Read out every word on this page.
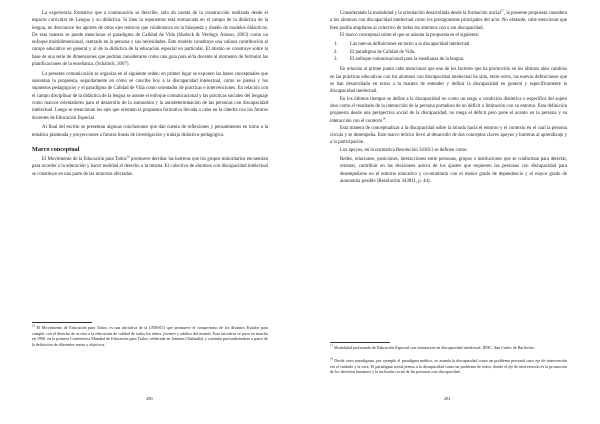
La experiencia formativa que a continuación se describe, solo da cuenta de la construcción realizada desde el espacio curricular de Lengua y su didáctica. Si bien la reponemos está enmarcada en el campo de la didáctica de la lengua, no desconoce los aportes de otros ejes teóricos que colaboraron en la búsqueda y diseño de modelos didácticos. De esta manera se puede mencionar el paradigma de Calidad de Vida (Shalock & Verdugo Alonso, 2003) como un enfoque multidimensional, centrado en la persona y sus necesidades. Este modelo constituye una valiosa contribución al campo educativo en general y al de la didáctica de la educación especial en particular. El mismo se construye sobre la base de una serie de dimensiones que podrían considerarse como una guía para el/la docente al momento de formular las planificaciones de la enseñanza. (Schalock, 2007).

La presente comunicación se organiza en el siguiente orden: en primer lugar se exponen las bases conceptuales que sustentan la propuesta, seguidamente en cómo se concibe hoy a la discapacidad intelectual, cómo se piensa y los supuestos pedagógicos y el paradigma de Calidad de Vida como orientador de prácticas e intervenciones. En relación con el campo disciplinar de la didáctica de la lengua se asume el enfoque comunicacional y las prácticas sociales del lenguaje como marcos orientadores para el desarrollo de la autonomía y la autodeterminación de las personas con discapacidad intelectual. Luego se mencionan los ejes que orientan la propuesta formativa llevada a cabo en la cátedra con los futuros docentes de Educación Especial.

Al final del escrito se presentan algunas conclusiones que dan cuenta de reflexiones y pensamientos en torno a la temática planteada y proyecciones a futuras líneas de investigación y trabajo didáctico-pedagógico.

Marco conceptual

El Movimiento de la Educación para Todos$^{16}$ promueve derribar las barreras que los grupos minoritarios encuentran para acceder a la educación y hacer realidad el derecho a la misma. El colectivo de alumnos con discapacidad intelectual se constituye en una parte de las minorías afectadas.

$^{16}$ El Movimiento de Educación para Todos, es una iniciativa de la UNESCO que promueve el compromiso de los distintos Estados para cumplir con el derecho de acceso a la educación de calidad de todos los niños, jóvenes y adultos del mundo. Esta iniciativa se puso en marcha en 1990, en la primera Conferencia Mundial de Educación para Todos, celebrada en Jomtien (Tailandia) y continúa profundizándose a partir de la definición de diferentes metas y objetivos.
280

Considerando la modalidad y la orientación desarrollada desde la formación inicial$^{17}$, la presente propuesta considera a los alumnos con discapacidad intelectual como los protagonistas principales del acto. No obstante, cabe mencionar que bien podría ampliarse al colectivo de todos los alumnos con o sin discapacidad.

El marco conceptual sobre el que se asienta la propuesta es el siguiente:

1.	Las nuevas definiciones en torno a la discapacidad intelectual
2.	El paradigma de Calidad de Vida.
3.	El enfoque comunicacional para la enseñanza de la lengua.

En relación al primer punto cabe mencionar que uno de los factores que ha promovido en los últimos años cambios en las prácticas educativas con los alumnos con discapacidad intelectual ha sido, entre otros, las nuevas definiciones que se han desarrollado en torno a la manera de entender y definir la discapacidad en general y específicamente la discapacidad intelectual.

En los últimos tiempos se define a la discapacidad no como un rasgo o condición distintiva o específica del sujeto sino como el resultado de la interacción de la persona portadora de un déficit o limitación con su entorno. Esta definición propuesta desde una perspectiva social de la discapacidad, no niega el déficit pero pone el acento en la persona y su interacción con el contexto$^{18}$.

Esta manera de conceptualizar a la discapacidad sobre la mirada hacia el entorno y el contexto en el cual la persona circula y se desempeña. Este marco teórico llevó al desarrollo de dos conceptos claves apoyos y barreras al aprendizaje y a la participación.

Los apoyos, en la normativa Resolución 343811 se definen como:

Redes, relaciones, posiciones, interacciones entre personas, grupos o instituciones que se conforman para detectar, orientar, contribuir en las decisiones acerca de los ajustes que requieren las personas con discapacidad para desempeñarse en el entorno educativo y co-munitario con el menor grado de dependencia y el mayor grado de autonomía posible (Resolución 343811, p. 44).
$^{17}$ Modalidad profesando de Educación Especial con orientación en discapacidad intelectual. IFDC. San Carlos de Bariloche.
$^{18}$ Desde otros paradigmas, por ejemplo el paradigma médico, se asumía la discapacidad como un problema personal cuyo eje de intervención era el cuidado y la cura. El paradigma social piensa a la discapacidad como un problema de todos, donde el eje de intervención es la promoción de los derechos humanos y la inclusión social de las personas con discapacidad.
281
